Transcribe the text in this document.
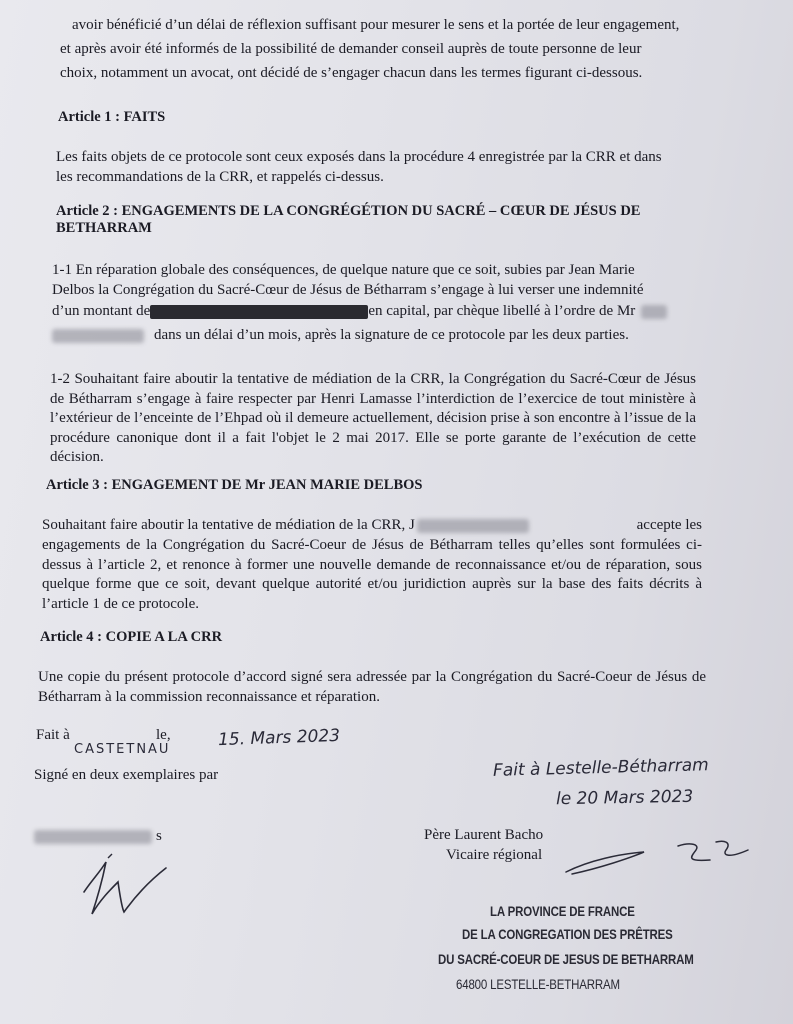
avoir bénéficié d’un délai de réflexion suffisant pour mesurer le sens et la portée de leur engagement,
et après avoir été informés de la possibilité de demander conseil auprès de toute personne de leur
choix, notamment un avocat, ont décidé de s’engager chacun dans les termes figurant ci-dessous.
Article 1 : FAITS
Les faits objets de ce protocole sont ceux exposés dans la procédure 4 enregistrée par la CRR et dans
les recommandations de la CRR, et rappelés ci-dessus.
Article 2 : ENGAGEMENTS DE LA CONGRÉGÉTION DU SACRÉ – CŒUR DE JÉSUS DE
BETHARRAM
1-1 En réparation globale des conséquences, de quelque nature que ce soit, subies par Jean Marie
Delbos la Congrégation du Sacré-Cœur de Jésus de Bétharram s’engage à lui verser une indemnité
d’un montant de	en capital, par chèque libellé à l’ordre de Mr
dans un délai d’un mois, après la signature de ce protocole par les deux parties.
1-2 Souhaitant faire aboutir la tentative de médiation de la CRR, la Congrégation du Sacré-Cœur de Jésus de Bétharram s’engage à faire respecter par Henri Lamasse l’interdiction de l’exercice de tout ministère à l’extérieur de l’enceinte de l’Ehpad où il demeure actuellement, décision prise à son encontre à l’issue de la procédure canonique dont il a fait l'objet le 2 mai 2017. Elle se porte garante de l’exécution de cette décision.
Article 3 : ENGAGEMENT DE Mr JEAN MARIE DELBOS
Souhaitant faire aboutir la tentative de médiation de la CRR, J	accepte les
engagements de la Congrégation du Sacré-Coeur de Jésus de Bétharram telles qu’elles sont formulées ci- dessus à l’article 2, et renonce à former une nouvelle demande de reconnaissance et/ou de réparation, sous quelque forme que ce soit, devant quelque autorité et/ou juridiction auprès sur la base des faits décrits à l’article 1 de ce protocole.
Article 4 : COPIE A LA CRR
Une copie du présent protocole d’accord signé sera adressée par la Congrégation du Sacré-Coeur de Jésus de Bétharram à la commission reconnaissance et réparation.
Fait à	le,	15. Mars 2023
CASTETNAU
Signé en deux exemplaires par	Fait à Lestelle-Bétharram
le 20 Mars 2023
s	Père Laurent Bacho
Vicaire régional
LA PROVINCE DE FRANCE
DE LA CONGREGATION DES PRÊTRES
DU SACRÉ-COEUR DE JESUS DE BETHARRAM
64800 LESTELLE-BETHARRAM
